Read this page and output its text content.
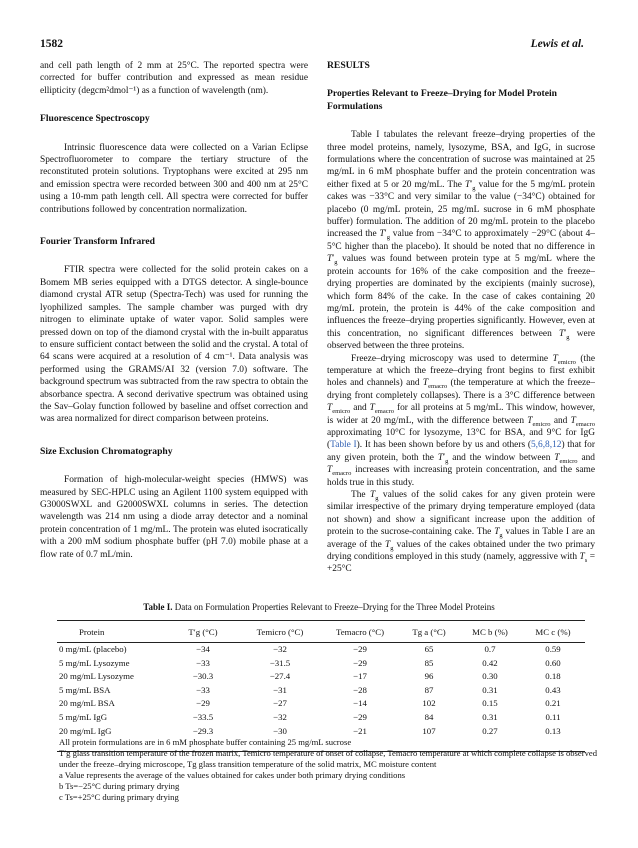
1582	Lewis et al.

and cell path length of 2 mm at 25°C. The reported spectra were corrected for buffer contribution and expressed as mean residue ellipticity (degcm²dmol⁻¹) as a function of wavelength (nm).

Fluorescence Spectroscopy

Intrinsic fluorescence data were collected on a Varian Eclipse Spectrofluorometer to compare the tertiary structure of the reconstituted protein solutions. Tryptophans were excited at 295 nm and emission spectra were recorded between 300 and 400 nm at 25°C using a 10-mm path length cell. All spectra were corrected for buffer contributions followed by concentration normalization.

Fourier Transform Infrared

FTIR spectra were collected for the solid protein cakes on a Bomem MB series equipped with a DTGS detector. A single-bounce diamond crystal ATR setup (Spectra-Tech) was used for running the lyophilized samples. The sample chamber was purged with dry nitrogen to eliminate uptake of water vapor. Solid samples were pressed down on top of the diamond crystal with the in-built apparatus to ensure sufficient contact between the solid and the crystal. A total of 64 scans were acquired at a resolution of 4 cm⁻¹. Data analysis was performed using the GRAMS/AI 32 (version 7.0) software. The background spectrum was subtracted from the raw spectra to obtain the absorbance spectra. A second derivative spectrum was obtained using the Sav–Golay function followed by baseline and offset correction and was area normalized for direct comparison between proteins.

Size Exclusion Chromatography

Formation of high-molecular-weight species (HMWS) was measured by SEC-HPLC using an Agilent 1100 system equipped with G3000SWXL and G2000SWXL columns in series. The detection wavelength was 214 nm using a diode array detector and a nominal protein concentration of 1 mg/mL. The protein was eluted isocratically with a 200 mM sodium phosphate buffer (pH 7.0) mobile phase at a flow rate of 0.7 mL/min.

RESULTS
Properties Relevant to Freeze–Drying for Model Protein Formulations

Table I tabulates the relevant freeze–drying properties of the three model proteins, namely, lysozyme, BSA, and IgG, in sucrose formulations where the concentration of sucrose was maintained at 25 mg/mL in 6 mM phosphate buffer and the protein concentration was either fixed at 5 or 20 mg/mL. The $T'_g$ value for the 5 mg/mL protein cakes was −33°C and very similar to the value (−34°C) obtained for placebo (0 mg/mL protein, 25 mg/mL sucrose in 6 mM phosphate buffer) formulation. The addition of 20 mg/mL protein to the placebo increased the $T'_g$ value from −34°C to approximately −29°C (about 4–5°C higher than the placebo). It should be noted that no difference in $T'_g$ values was found between protein type at 5 mg/mL where the protein accounts for 16% of the cake composition and the freeze–drying properties are dominated by the excipients (mainly sucrose), which form 84% of the cake. In the case of cakes containing 20 mg/mL protein, the protein is 44% of the cake composition and influences the freeze–drying properties significantly. However, even at this concentration, no significant differences between $T'_g$ were observed between the three proteins.

Freeze–drying microscopy was used to determine $T_{emicro}$ (the temperature at which the freeze–drying front begins to first exhibit holes and channels) and $T_{emacro}$ (the temperature at which the freeze–drying front completely collapses). There is a 3°C difference between $T_{emicro}$ and $T_{emacro}$ for all proteins at 5 mg/mL. This window, however, is wider at 20 mg/mL, with the difference between $T_{emicro}$ and $T_{emacro}$ approximating 10°C for lysozyme, 13°C for BSA, and 9°C for IgG (Table I). It has been shown before by us and others (5,6,8,12) that for any given protein, both the $T'_g$ and the window between $T_{emicro}$ and $T_{emacro}$ increases with increasing protein concentration, and the same holds true in this study.

The $T_g$ values of the solid cakes for any given protein were similar irrespective of the primary drying temperature employed (data not shown) and show a significant increase upon the addition of protein to the sucrose-containing cake. The $T_g$ values in Table I are an average of the $T_g$ values of the cakes obtained under the two primary drying conditions employed in this study (namely, aggressive with $T_s = +25^\circ C$

Table I. Data on Formulation Properties Relevant to Freeze–Drying for the Three Model Proteins
Protein	T′g (°C)	Temicro (°C)	Temacro (°C)	Tg a (°C)	MC b (%)	MC c (%)
0 mg/mL (placebo)	−34	−32	−29	65	0.7	0.59
5 mg/mL Lysozyme	−33	−31.5	−29	85	0.42	0.60
20 mg/mL Lysozyme	−30.3	−27.4	−17	96	0.30	0.18
5 mg/mL BSA	−33	−31	−28	87	0.31	0.43
20 mg/mL BSA	−29	−27	−14	102	0.15	0.21
5 mg/mL IgG	−33.5	−32	−29	84	0.31	0.11
20 mg/mL IgG	−29.3	−30	−21	107	0.27	0.13
All protein formulations are in 6 mM phosphate buffer containing 25 mg/mL sucrose
T′g glass transition temperature of the frozen matrix, Temicro temperature of onset of collapse, Temacro temperature at which complete collapse is observed under the freeze–drying microscope, Tg glass transition temperature of the solid matrix, MC moisture content
a Value represents the average of the values obtained for cakes under both primary drying conditions
b Ts=−25°C during primary drying
c Ts=+25°C during primary drying
